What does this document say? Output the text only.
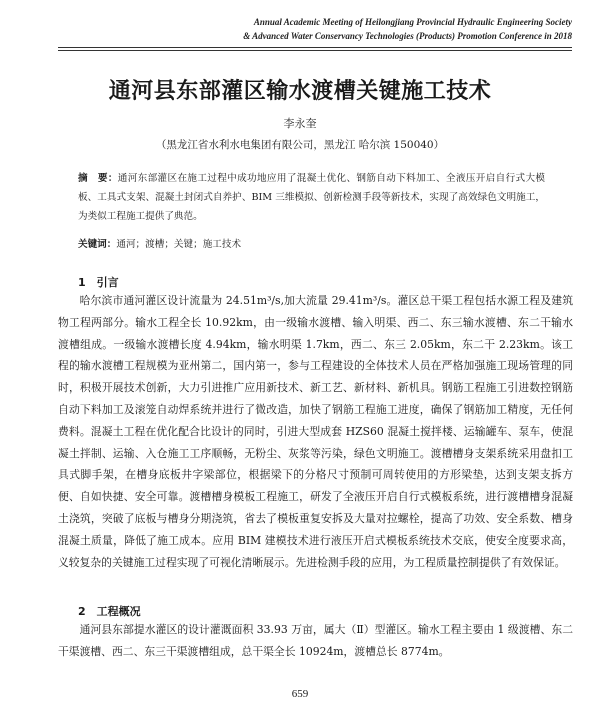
Annual Academic Meeting of Heilongjiang Provincial Hydraulic Engineering Society
& Advanced Water Conservancy Technologies (Products) Promotion Conference in 2018
通河县东部灌区输水渡槽关键施工技术
李永奎
（黑龙江省水利水电集团有限公司，黑龙江 哈尔滨 150040）
摘　要：通河东部灌区在施工过程中成功地应用了混凝土优化、钢筋自动下料加工、全液压开启自行式大模板、工具式支架、混凝土封闭式自养护、BIM 三维模拟、创新检测手段等新技术，实现了高效绿色文明施工，为类似工程施工提供了典范。
关键词：通河；渡槽；关键；施工技术
1　引言

哈尔滨市通河灌区设计流量为 24.51m³/s,加大流量 29.41m³/s。灌区总干渠工程包括水源工程及建筑物工程两部分。输水工程全长 10.92km，由一级输水渡槽、输入明渠、西二、东三输水渡槽、东二干输水渡槽组成。一级输水渡槽长度 4.94km，输水明渠 1.7km，西二、东三 2.05km，东二干 2.23km。该工程的输水渡槽工程规模为亚州第二，国内第一，参与工程建设的全体技术人员在严格加强施工现场管理的同时，积极开展技术创新，大力引进推广应用新技术、新工艺、新材料、新机具。钢筋工程施工引进数控钢筋自动下料加工及滚笼自动焊系统并进行了微改造，加快了钢筋工程施工进度，确保了钢筋加工精度，无任何费料。混凝土工程在优化配合比设计的同时，引进大型成套 HZS60 混凝土搅拌楼、运输罐车、泵车，使混凝土拌制、运输、入仓施工工序顺畅，无粉尘、灰浆等污染，绿色文明施工。渡槽槽身支架系统采用盘扣工具式脚手架，在槽身底板井字梁部位，根据梁下的分格尺寸预制可周转使用的方形梁垫，达到支架支拆方便、自如快捷、安全可靠。渡槽槽身模板工程施工，研发了全液压开启自行式模板系统，进行渡槽槽身混凝土浇筑，突破了底板与槽身分期浇筑，省去了模板重复安拆及大量对拉螺栓，提高了功效、安全系数、槽身混凝土质量，降低了施工成本。应用 BIM 建模技术进行液压开启式模板系统技术交底，使安全度要求高，义较复杂的关键施工过程实现了可视化清晰展示。先进检测手段的应用，为工程质量控制提供了有效保证。

2　工程概况

通河县东部提水灌区的设计灌溉面积 33.93 万亩，属大（Ⅱ）型灌区。输水工程主要由 1 级渡槽、东二干渠渡槽、西二、东三干渠渡槽组成，总干渠全长 10924m，渡槽总长 8774m。

659
